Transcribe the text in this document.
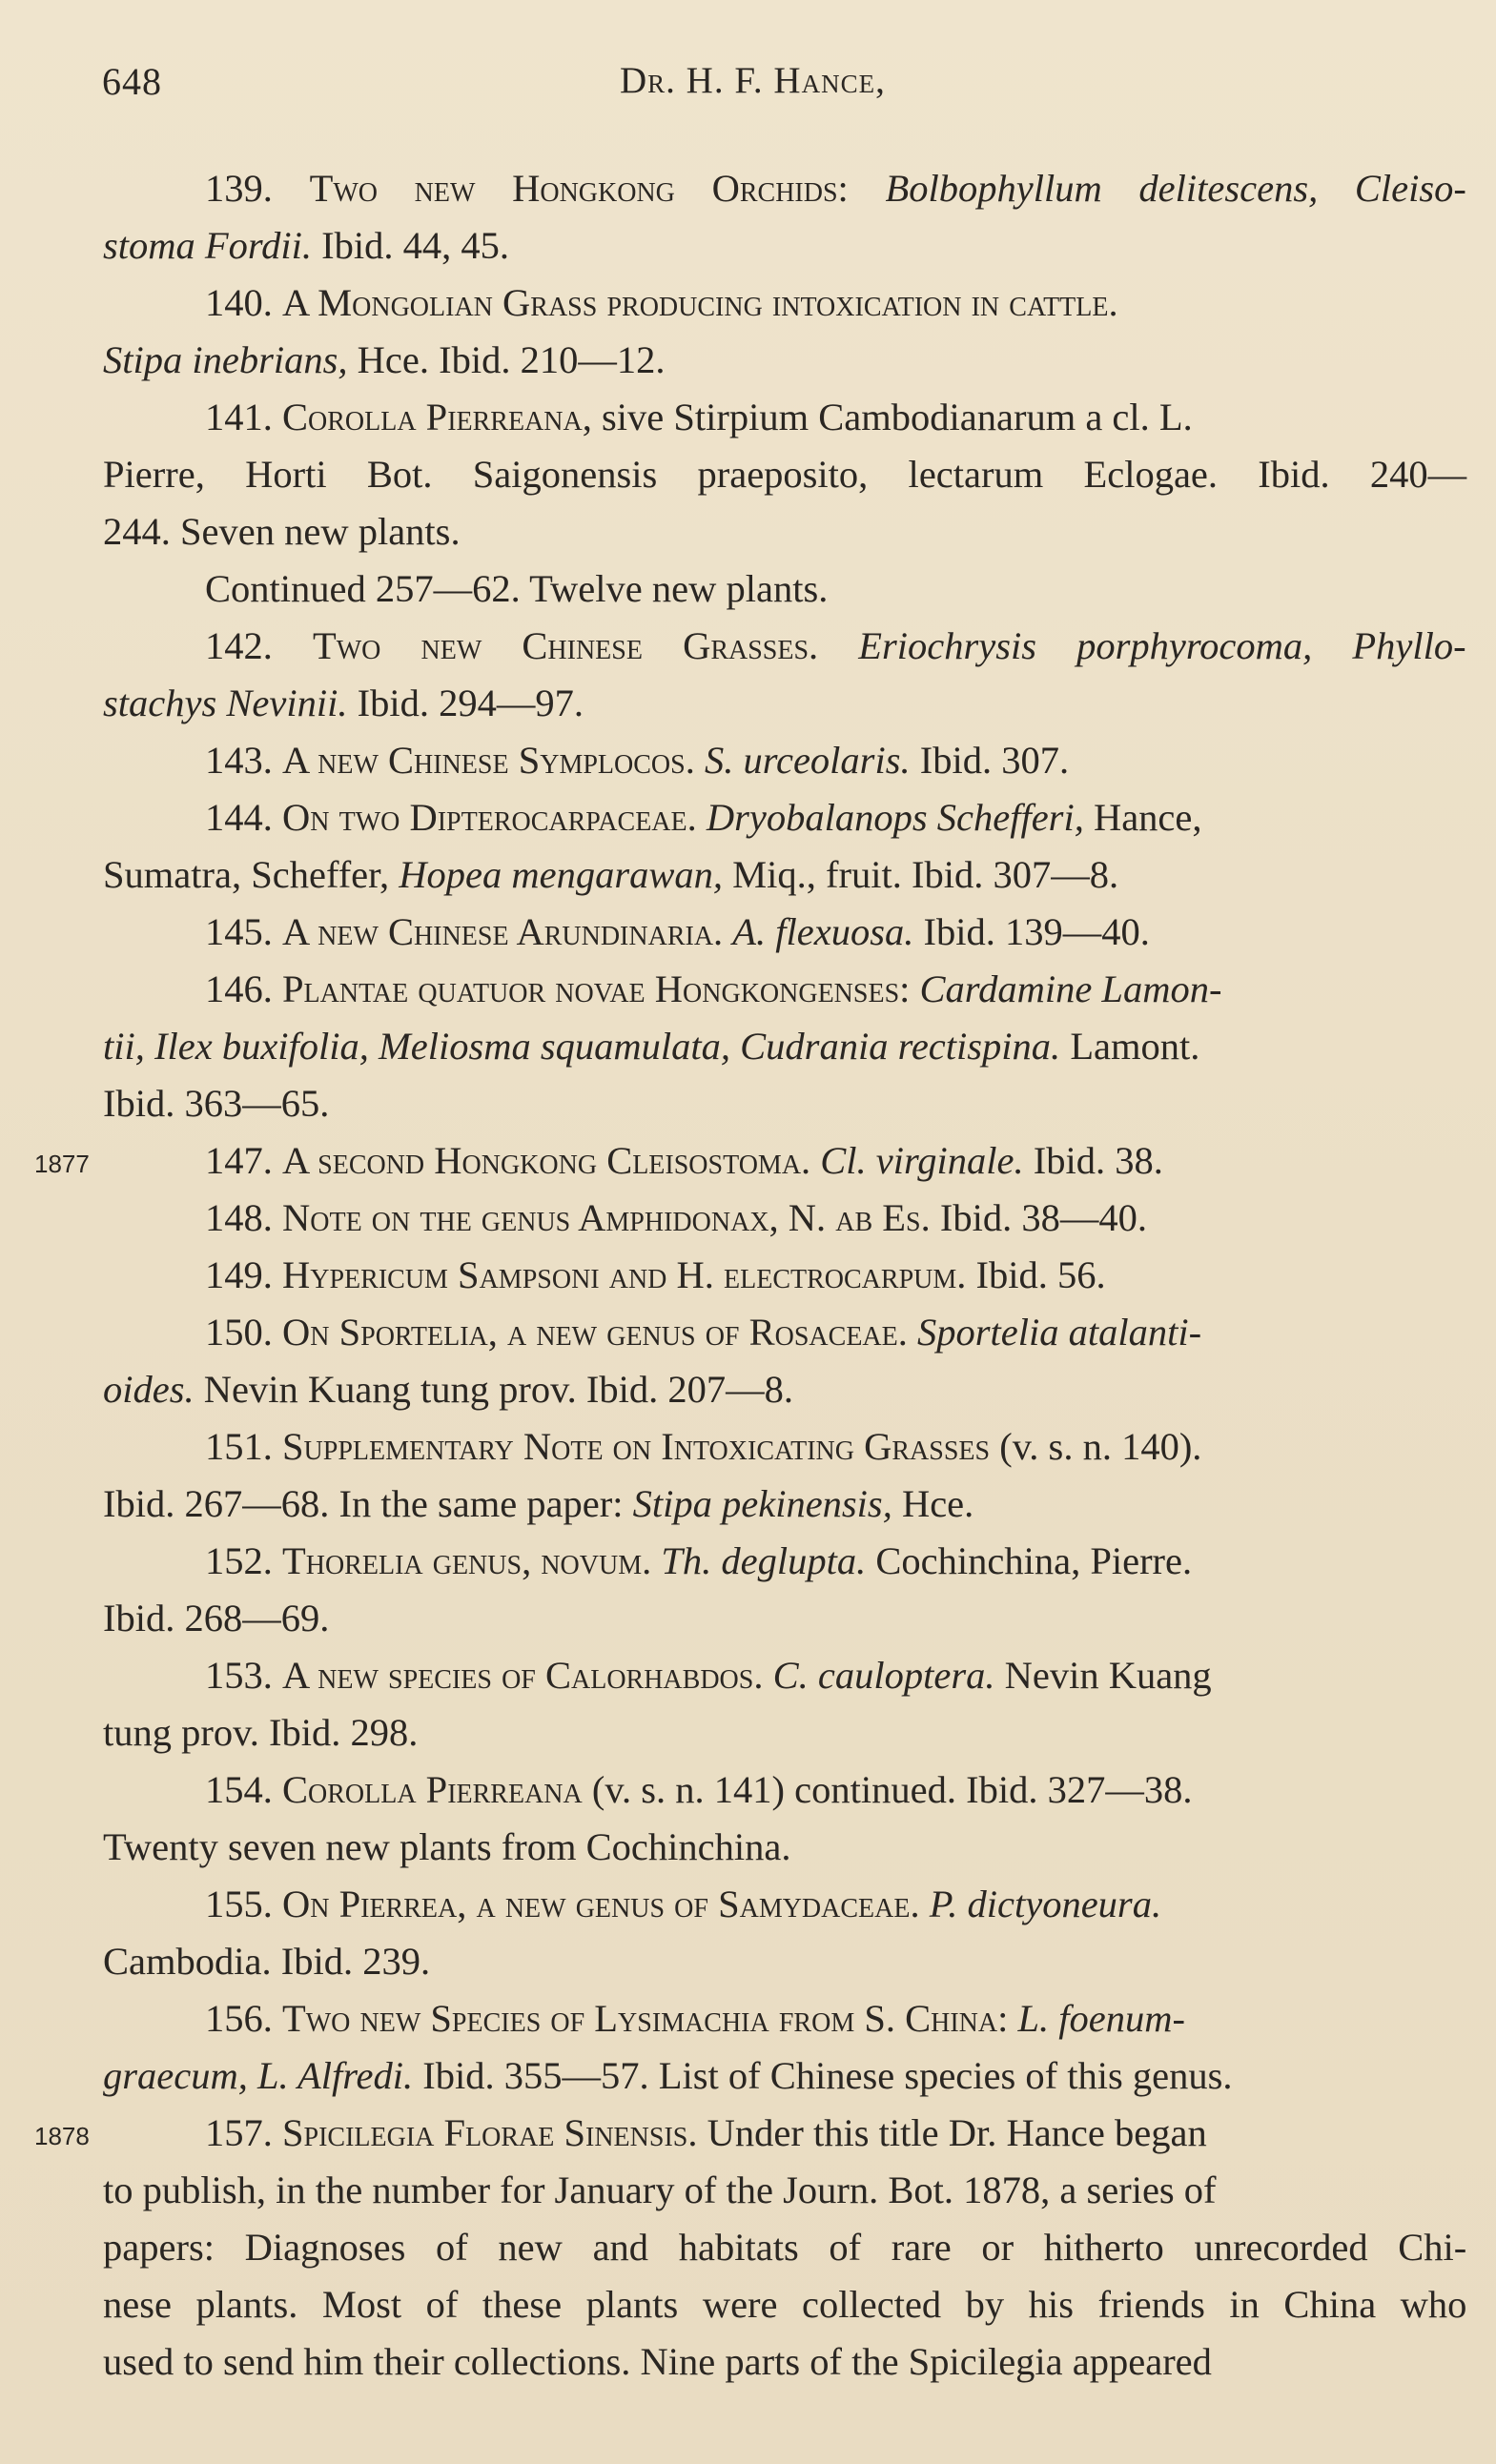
648	Dr. H. F. Hance,
139. Two new Hongkong Orchids: Bolbophyllum delitescens, Cleiso-
stoma Fordii. Ibid. 44, 45.
140. A Mongolian Grass producing intoxication in cattle.
Stipa inebrians, Hce. Ibid. 210—12.
141. Corolla Pierreana, sive Stirpium Cambodianarum a cl. L.
Pierre, Horti Bot. Saigonensis praeposito, lectarum Eclogae. Ibid. 240—
244. Seven new plants.
Continued 257—62. Twelve new plants.
142. Two new Chinese Grasses. Eriochrysis porphyrocoma, Phyllo-
stachys Nevinii. Ibid. 294—97.
143. A new Chinese Symplocos. S. urceolaris. Ibid. 307.
144. On two Dipterocarpaceae. Dryobalanops Schefferi, Hance,
Sumatra, Scheffer, Hopea mengarawan, Miq., fruit. Ibid. 307—8.
145. A new Chinese Arundinaria. A. flexuosa. Ibid. 139—40.
146. Plantae quatuor novae Hongkongenses: Cardamine Lamon-
tii, Ilex buxifolia, Meliosma squamulata, Cudrania rectispina. Lamont.
Ibid. 363—65.
147. A second Hongkong Cleisostoma. Cl. virginale. Ibid. 38.
148. Note on the genus Amphidonax, N. ab Es. Ibid. 38—40.
149. Hypericum Sampsoni and H. electrocarpum. Ibid. 56.
150. On Sportelia, a new genus of Rosaceae. Sportelia atalanti-
oides. Nevin Kuang tung prov. Ibid. 207—8.
151. Supplementary Note on Intoxicating Grasses (v. s. n. 140).
Ibid. 267—68. In the same paper: Stipa pekinensis, Hce.
152. Thorelia genus, novum. Th. deglupta. Cochinchina, Pierre.
Ibid. 268—69.
153. A new species of Calorhabdos. C. cauloptera. Nevin Kuang
tung prov. Ibid. 298.
154. Corolla Pierreana (v. s. n. 141) continued. Ibid. 327—38.
Twenty seven new plants from Cochinchina.
155. On Pierrea, a new genus of Samydaceae. P. dictyoneura.
Cambodia. Ibid. 239.
156. Two new Species of Lysimachia from S. China: L. foenum-
graecum, L. Alfredi. Ibid. 355—57. List of Chinese species of this genus.
157. Spicilegia Florae Sinensis. Under this title Dr. Hance began
to publish, in the number for January of the Journ. Bot. 1878, a series of
papers: Diagnoses of new and habitats of rare or hitherto unrecorded Chi-
nese plants. Most of these plants were collected by his friends in China who
used to send him their collections. Nine parts of the Spicilegia appeared
1877
1878
